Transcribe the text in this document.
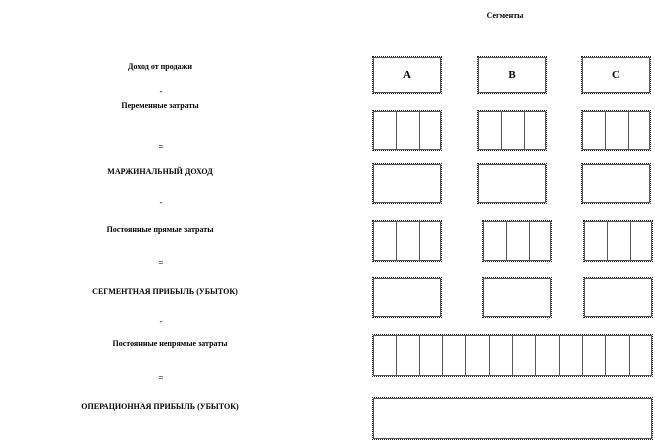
Сегменты
Доход от продажи
-
Переменные затраты
=
МАРЖИНАЛЬНЫЙ ДОХОД
-
Постоянные прямые затраты
=
СЕГМЕНТНАЯ ПРИБЫЛЬ (УБЫТОК)
-
Постоянные непрямые затраты
=
ОПЕРАЦИОННАЯ ПРИБЫЛЬ (УБЫТОК)
A	B	C
